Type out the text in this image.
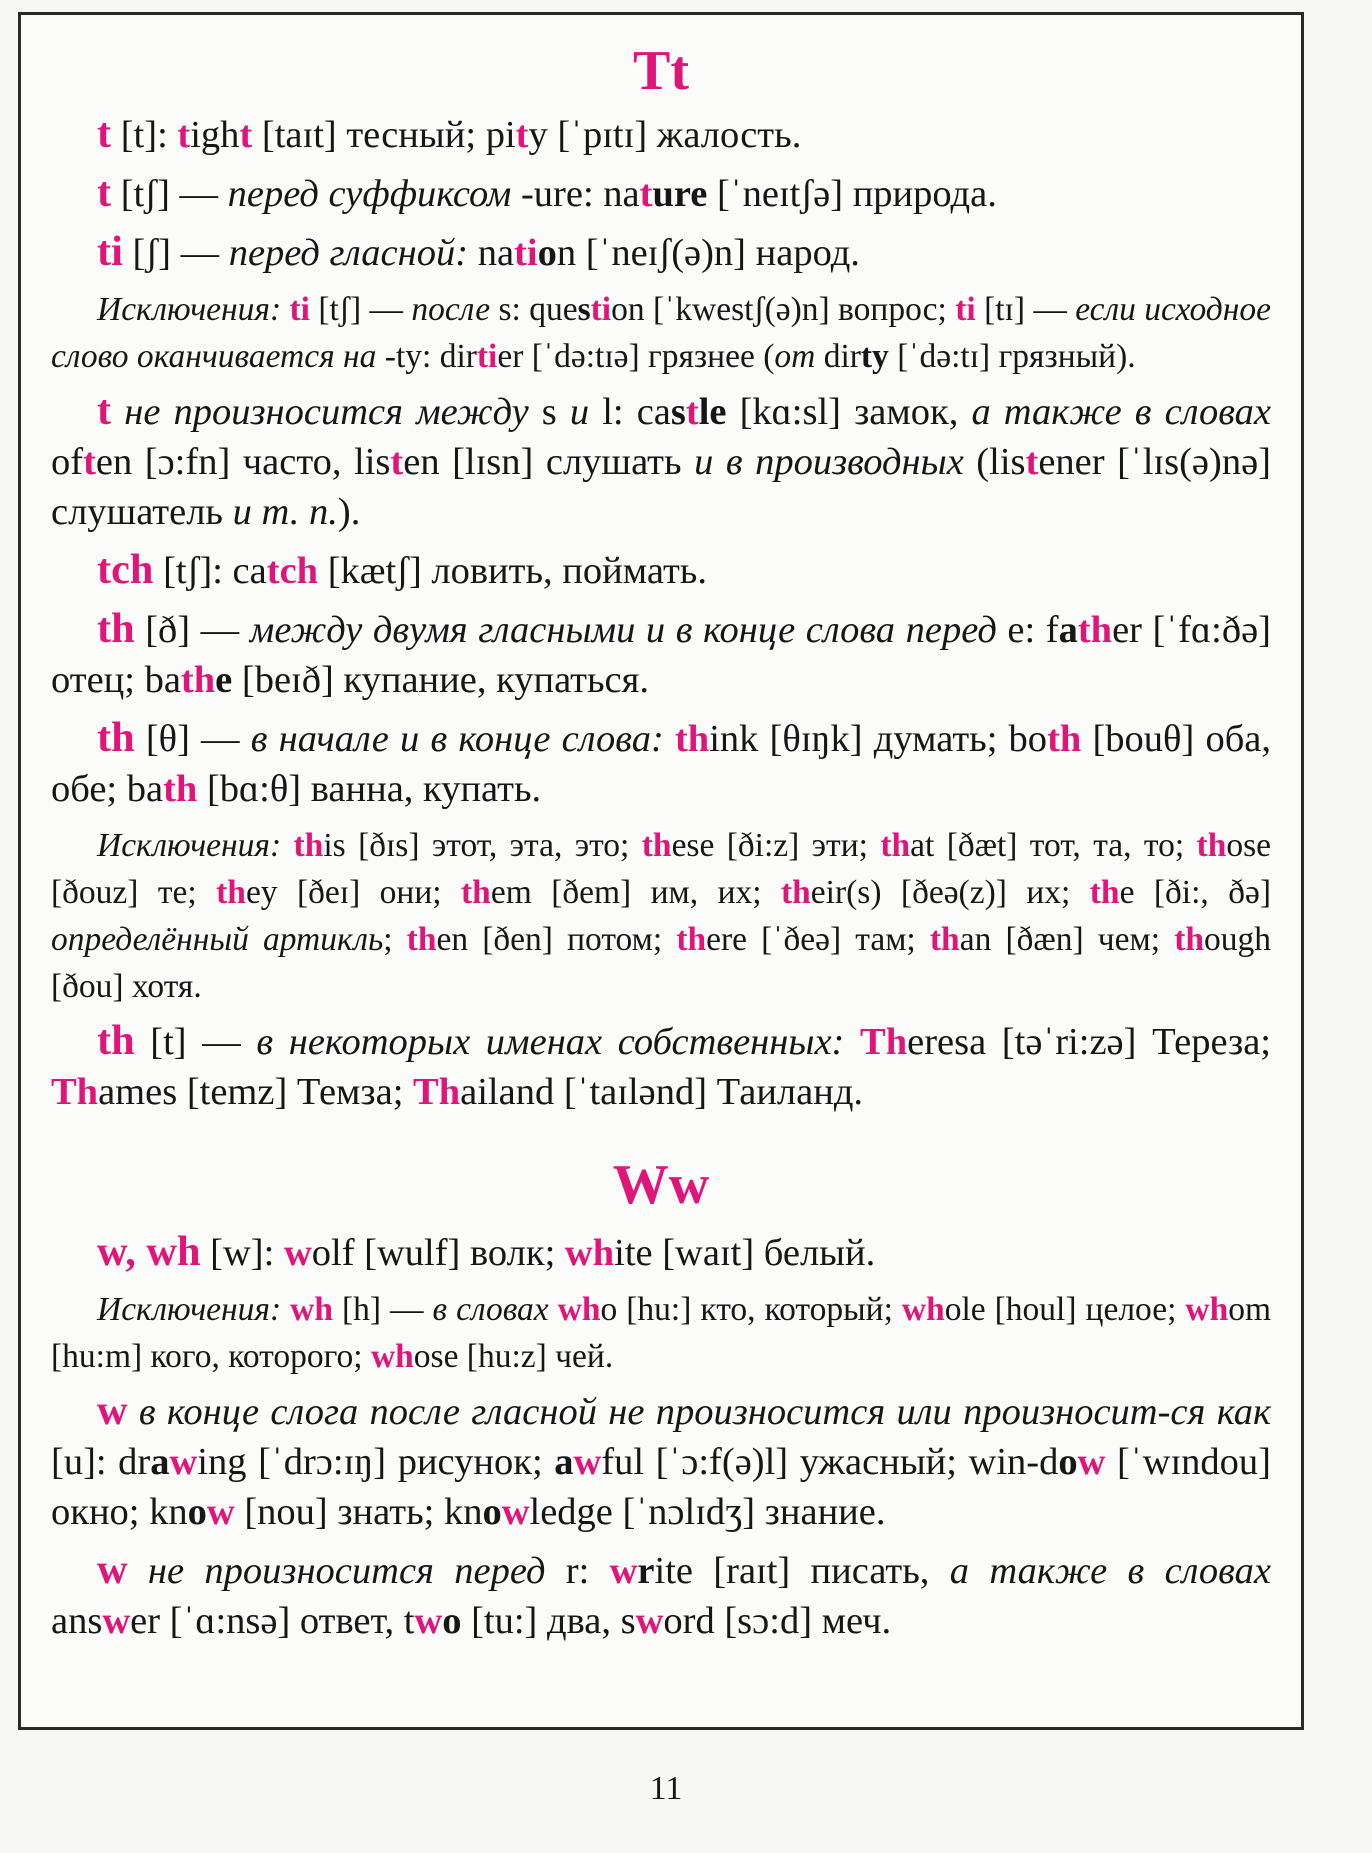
Tt

t [t]: tight [taɪt] тесный; pity [ˈpɪtɪ] жалость.

t [tʃ] — перед суффиксом -ure: nature [ˈneɪtʃə] природа.

ti [ʃ] — перед гласной: nation [ˈneɪʃ(ə)n] народ.

Исключения: ti [tʃ] — после s: question [ˈkwestʃ(ə)n] вопрос; ti [tɪ] — если исходное слово оканчивается на -ty: dirtier [ˈdə:tɪə] грязнее (от dirty [ˈdə:tɪ] грязный).

t не произносится между s и l: castle [kɑ:sl] замок, а также в словах often [ɔ:fn] часто, listen [lɪsn] слушать и в производных (listener [ˈlɪs(ə)nə] слушатель и т. п.).

tch [tʃ]: catch [kætʃ] ловить, поймать.

th [ð] — между двумя гласными и в конце слова перед e: father [ˈfɑ:ðə] отец; bathe [beɪð] купание, купаться.

th [θ] — в начале и в конце слова: think [θɪŋk] думать; both [bouθ] оба, обе; bath [bɑ:θ] ванна, купать.

Исключения: this [ðɪs] этот, эта, это; these [ði:z] эти; that [ðæt] тот, та, то; those [ðouz] те; they [ðeɪ] они; them [ðem] им, их; their(s) [ðeə(z)] их; the [ði:, ðə] определённый артикль; then [ðen] потом; there [ˈðeə] там; than [ðæn] чем; though [ðou] хотя.

th [t] — в некоторых именах собственных: Theresa [təˈri:zə] Тереза; Thames [temz] Темза; Thailand [ˈtaɪlənd] Таиланд.

Ww

w, wh [w]: wolf [wulf] волк; white [waɪt] белый.

Исключения: wh [h] — в словах who [hu:] кто, который; whole [houl] целое; whom [hu:m] кого, которого; whose [hu:z] чей.

w в конце слога после гласной не произносится или произносит-ся как [u]: drawing [ˈdrɔ:ɪŋ] рисунок; awful [ˈɔ:f(ə)l] ужасный; win-dow [ˈwɪndou] окно; know [nou] знать; knowledge [ˈnɔlɪdʒ] знание.

w не произносится перед r: write [raɪt] писать, а также в словах answer [ˈɑ:nsə] ответ, two [tu:] два, sword [sɔ:d] меч.

11
